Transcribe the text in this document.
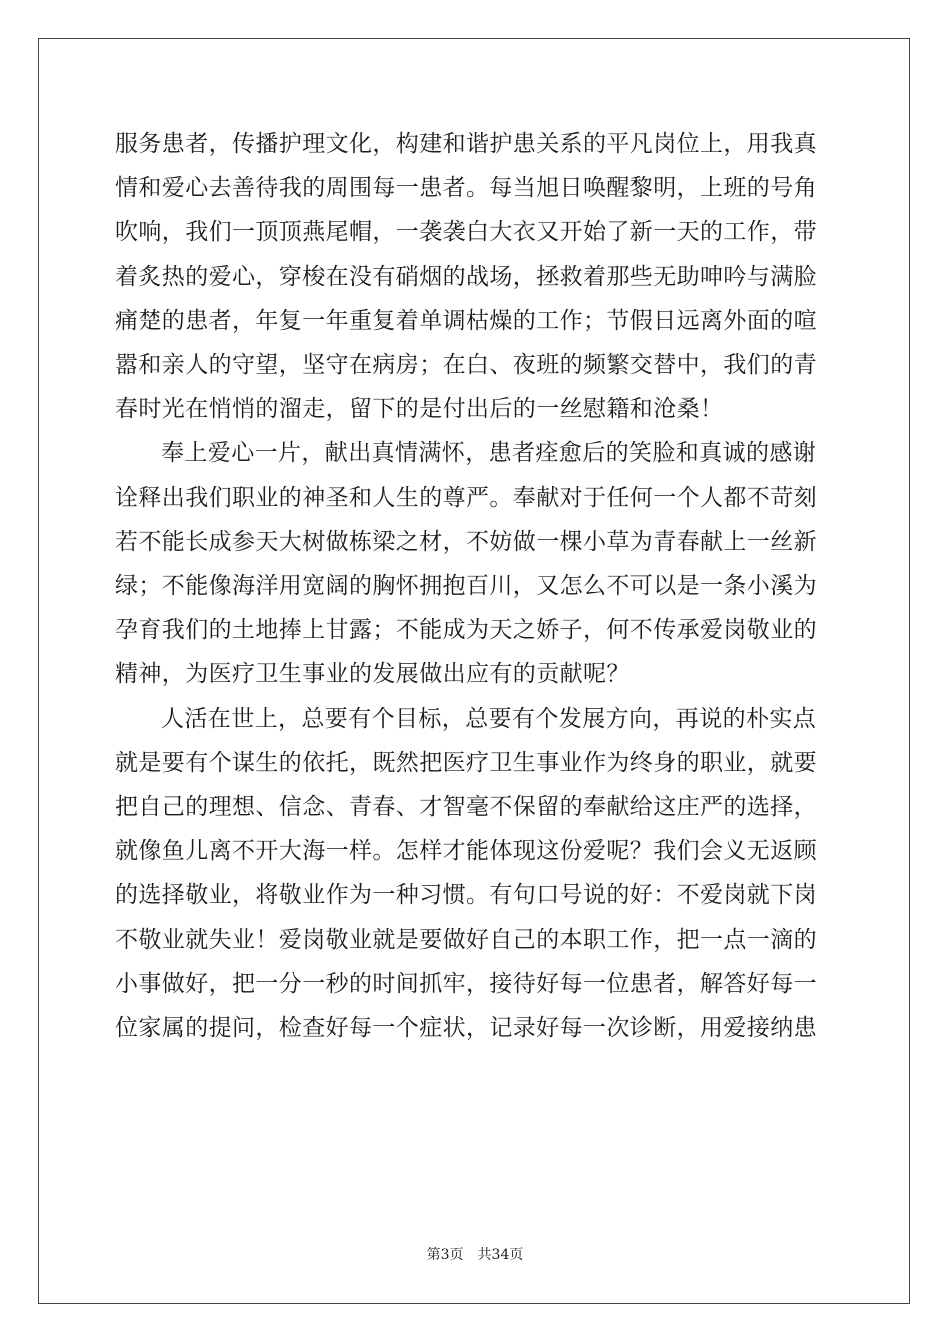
服务患者，传播护理文化，构建和谐护患关系的平凡岗位上，用我真
情和爱心去善待我的周围每一患者。每当旭日唤醒黎明，上班的号角
吹响，我们一顶顶燕尾帽，一袭袭白大衣又开始了新一天的工作，带
着炙热的爱心，穿梭在没有硝烟的战场，拯救着那些无助呻吟与满脸
痛楚的患者，年复一年重复着单调枯燥的工作；节假日远离外面的喧
嚣和亲人的守望，坚守在病房；在白、夜班的频繁交替中，我们的青
春时光在悄悄的溜走，留下的是付出后的一丝慰籍和沧桑！

奉上爱心一片，献出真情满怀，患者痊愈后的笑脸和真诚的感谢
诠释出我们职业的神圣和人生的尊严。奉献对于任何一个人都不苛刻
若不能长成参天大树做栋梁之材，不妨做一棵小草为青春献上一丝新
绿；不能像海洋用宽阔的胸怀拥抱百川，又怎么不可以是一条小溪为
孕育我们的土地捧上甘露；不能成为天之娇子，何不传承爱岗敬业的
精神，为医疗卫生事业的发展做出应有的贡献呢？

人活在世上，总要有个目标，总要有个发展方向，再说的朴实点
就是要有个谋生的依托，既然把医疗卫生事业作为终身的职业，就要
把自己的理想、信念、青春、才智毫不保留的奉献给这庄严的选择，
就像鱼儿离不开大海一样。怎样才能体现这份爱呢？我们会义无返顾
的选择敬业，将敬业作为一种习惯。有句口号说的好：不爱岗就下岗
不敬业就失业！爱岗敬业就是要做好自己的本职工作，把一点一滴的
小事做好，把一分一秒的时间抓牢，接待好每一位患者，解答好每一
位家属的提问，检查好每一个症状，记录好每一次诊断，用爱接纳患

第3页 共34页
